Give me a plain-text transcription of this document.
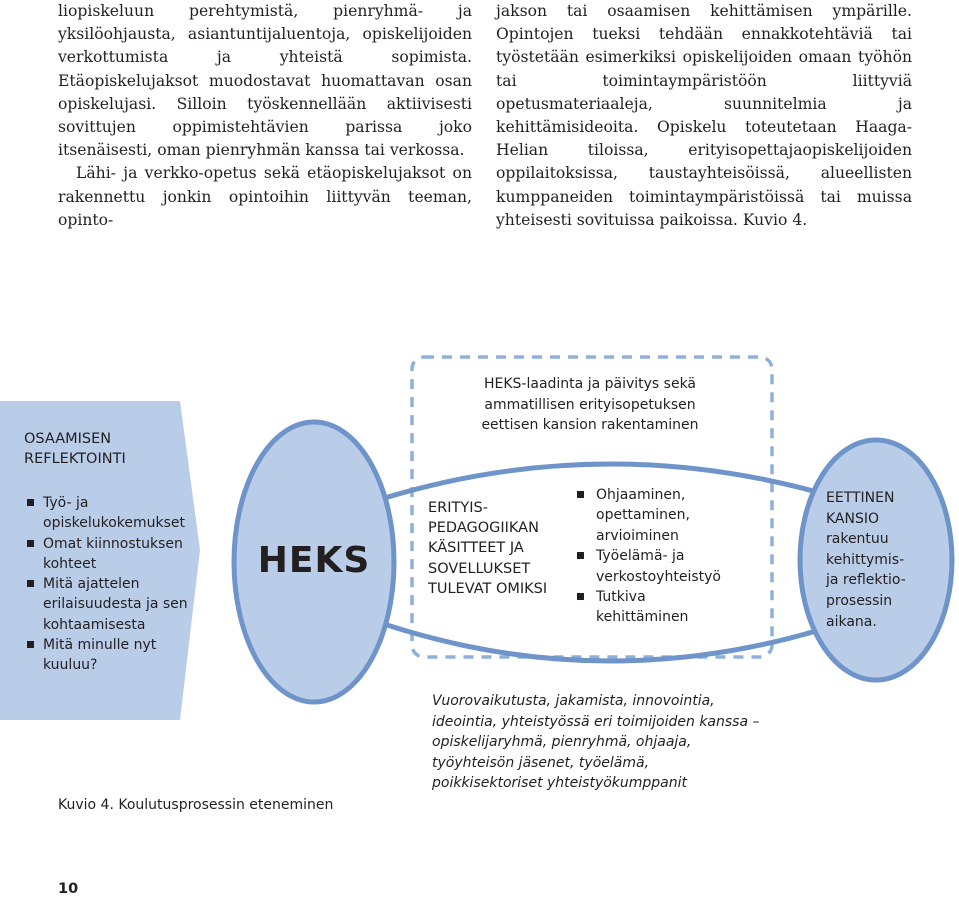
liopiskeluun perehtymistä, pienryhmä- ja yksilöohjausta, asiantuntijaluentoja, opiskelijoiden verkottumista ja yhteistä sopimista. Etäopiskelujaksot muodostavat huomattavan osan opiskelujasi. Silloin työskennellään aktiivisesti sovittujen oppimistehtävien parissa joko itsenäisesti, oman pienryhmän kanssa tai verkossa.

Lähi- ja verkko-opetus sekä etäopiskelujaksot on rakennettu jonkin opintoihin liittyvän teeman, opinto-

jakson tai osaamisen kehittämisen ympärille. Opintojen tueksi tehdään ennakkotehtäviä tai työstetään esimerkiksi opiskelijoiden omaan työhön tai toimintaympäristöön liittyviä opetusmateriaaleja, suunnitelmia ja kehittämisideoita. Opiskelu toteutetaan Haaga-Helian tiloissa, erityisopettajaopiskelijoiden oppilaitoksissa, taustayhteisöissä, alueellisten kumppaneiden toimintaympäristöissä tai muissa yhteisesti sovituissa paikoissa. Kuvio 4.

OSAAMISEN
REFLEKTOINTI
Työ- ja opiskelukokemukset
Omat kiinnostuksen kohteet
Mitä ajattelen erilaisuudesta ja sen kohtaamisesta
Mitä minulle nyt kuuluu?
HEKS
HEKS-laadinta ja päivitys sekä ammatillisen erityisopetuksen eettisen kansion rakentaminen
ERITYIS-
PEDAGOGIIKAN
KÄSITTEET JA
SOVELLUKSET
TULEVAT OMIKSI
Ohjaaminen, opettaminen, arvioiminen
Työelämä- ja verkostoyhteistyö
Tutkiva kehittäminen
EETTINEN
KANSIO
rakentuu
kehittymis-
ja reflektio-
prosessin
aikana.
Vuorovaikutusta, jakamista, innovointia, ideointia, yhteistyössä eri toimijoiden kanssa – opiskelijaryhmä, pienryhmä, ohjaaja, työyhteisön jäsenet, työelämä, poikkisektoriset yhteistyökumppanit
Kuvio 4. Koulutusprosessin eteneminen
10
